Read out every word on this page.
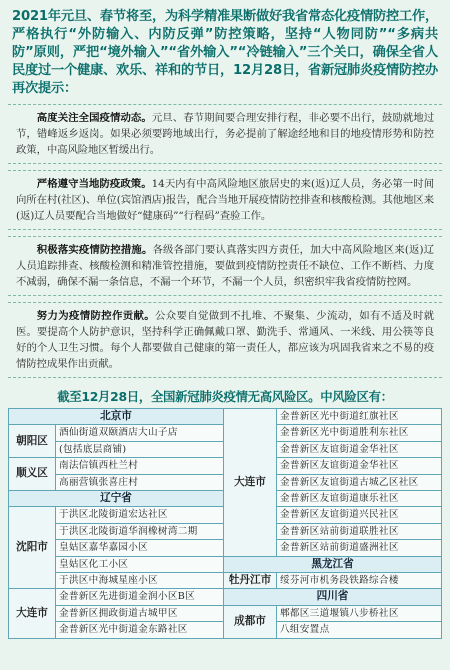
2021年元旦、春节将至，为科学精准果断做好我省常态化疫情防控工作，严格执行“外防输入、内防反弹”防控策略，坚持“人物同防”“多病共防”原则，严把“境外输入”“省外输入”“冷链输入”三个关口，确保全省人民度过一个健康、欢乐、祥和的节日，12月28日，省新冠肺炎疫情防控办再次提示：

高度关注全国疫情动态。元旦、春节期间要合理安排行程，非必要不出行，鼓励就地过节，错峰返乡返岗。如果必须要跨地域出行，务必提前了解途经地和目的地疫情形势和防控政策，中高风险地区暂缓出行。

严格遵守当地防疫政策。14天内有中高风险地区旅居史的来(返)辽人员，务必第一时间向所在村(社区)、单位(宾馆酒店)报告，配合当地开展疫情防控排查和核酸检测。其他地区来(返)辽人员要配合当地做好“健康码”“行程码”查验工作。

积极落实疫情防控措施。各级各部门要认真落实四方责任，加大中高风险地区来(返)辽人员追踪排查、核酸检测和精准管控措施，要做到疫情防控责任不缺位、工作不断档、力度不减弱，确保不漏一条信息，不漏一个环节，不漏一个人员，织密织牢我省疫情防控网。

努力为疫情防控作贡献。公众要自觉做到不扎堆、不聚集、少流动，如有不适及时就医。要提高个人防护意识，坚持科学正确佩戴口罩、勤洗手、常通风、一米线、用公筷等良好的个人卫生习惯。每个人都要做自己健康的第一责任人，都应该为巩固我省来之不易的疫情防控成果作出贡献。

截至12月28日，全国新冠肺炎疫情无高风险区。中风险区有：
北京市		大连市	金普新区光中街道红旗社区
朝阳区	酒仙街道双颐酒店大山子店		金普新区光中街道胜利东社区
	(包括底层商铺)		金普新区友谊街道金华社区
顺义区	南法信镇西杜兰村		金普新区友谊街道金华社区
	高丽营镇张喜庄村		金普新区友谊街道古城乙区社区
辽宁省			金普新区友谊街道康乐社区
沈阳市	于洪区北陵街道宏达社区		金普新区友谊街道兴民社区
	于洪区北陵街道华润橡树湾二期		金普新区站前街道联胜社区
	皇姑区嘉华嘉园小区		金普新区站前街道盛洲社区
	皇姑区化工小区	黑龙江省	
	于洪区中海城星座小区	牡丹江市	绥芬河市机务段铁路综合楼
大连市	金普新区先进街道金润小区B区	四川省	
	金普新区拥政街道古城甲区	成都市	郫都区三道堰镇八步桥社区
	金普新区光中街道金东路社区		八组安置点
